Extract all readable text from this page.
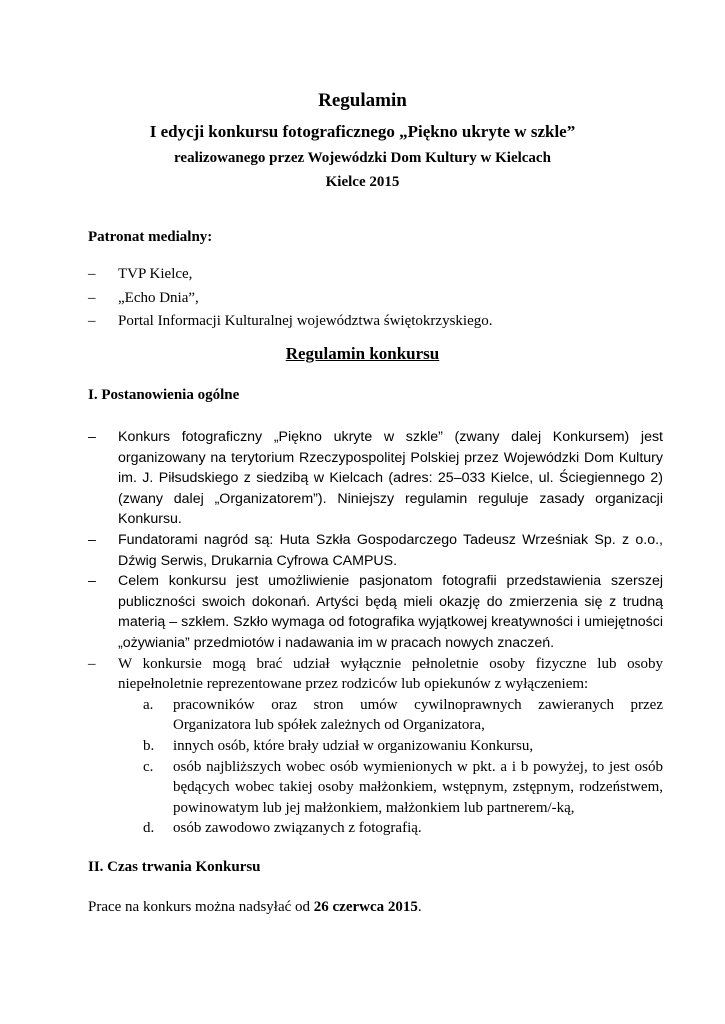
Regulamin
I edycji konkursu fotograficznego „Piękno ukryte w szkle”
realizowanego przez Wojewódzki Dom Kultury w Kielcach
Kielce 2015
Patronat medialny:
– TVP Kielce,
– „Echo Dnia”,
– Portal Informacji Kulturalnej województwa świętokrzyskiego.
Regulamin konkursu
I. Postanowienia ogólne
– Konkurs fotograficzny „Piękno ukryte w szkle” (zwany dalej Konkursem) jest organizowany na terytorium Rzeczypospolitej Polskiej przez Wojewódzki Dom Kultury im. J. Piłsudskiego z siedzibą w Kielcach (adres: 25–033 Kielce, ul. Ściegiennego 2) (zwany dalej „Organizatorem”). Niniejszy regulamin reguluje zasady organizacji Konkursu.
– Fundatorami nagród są: Huta Szkła Gospodarczego Tadeusz Wrześniak Sp. z o.o., Dźwig Serwis, Drukarnia Cyfrowa CAMPUS.
– Celem konkursu jest umożliwienie pasjonatom fotografii przedstawienia szerszej publiczności swoich dokonań. Artyści będą mieli okazję do zmierzenia się z trudną materią – szkłem. Szkło wymaga od fotografika wyjątkowej kreatywności i umiejętności „ożywiania” przedmiotów i nadawania im w pracach nowych znaczeń.
– W konkursie mogą brać udział wyłącznie pełnoletnie osoby fizyczne lub osoby niepełnoletnie reprezentowane przez rodziców lub opiekunów z wyłączeniem:
a. pracowników oraz stron umów cywilnoprawnych zawieranych przez Organizatora lub spółek zależnych od Organizatora,
b. innych osób, które brały udział w organizowaniu Konkursu,
c. osób najbliższych wobec osób wymienionych w pkt. a i b powyżej, to jest osób będących wobec takiej osoby małżonkiem, wstępnym, zstępnym, rodzeństwem, powinowatym lub jej małżonkiem, małżonkiem lub partnerem/-ką,
d. osób zawodowo związanych z fotografią.
II. Czas trwania Konkursu
Prace na konkurs można nadsyłać od 26 czerwca 2015.
